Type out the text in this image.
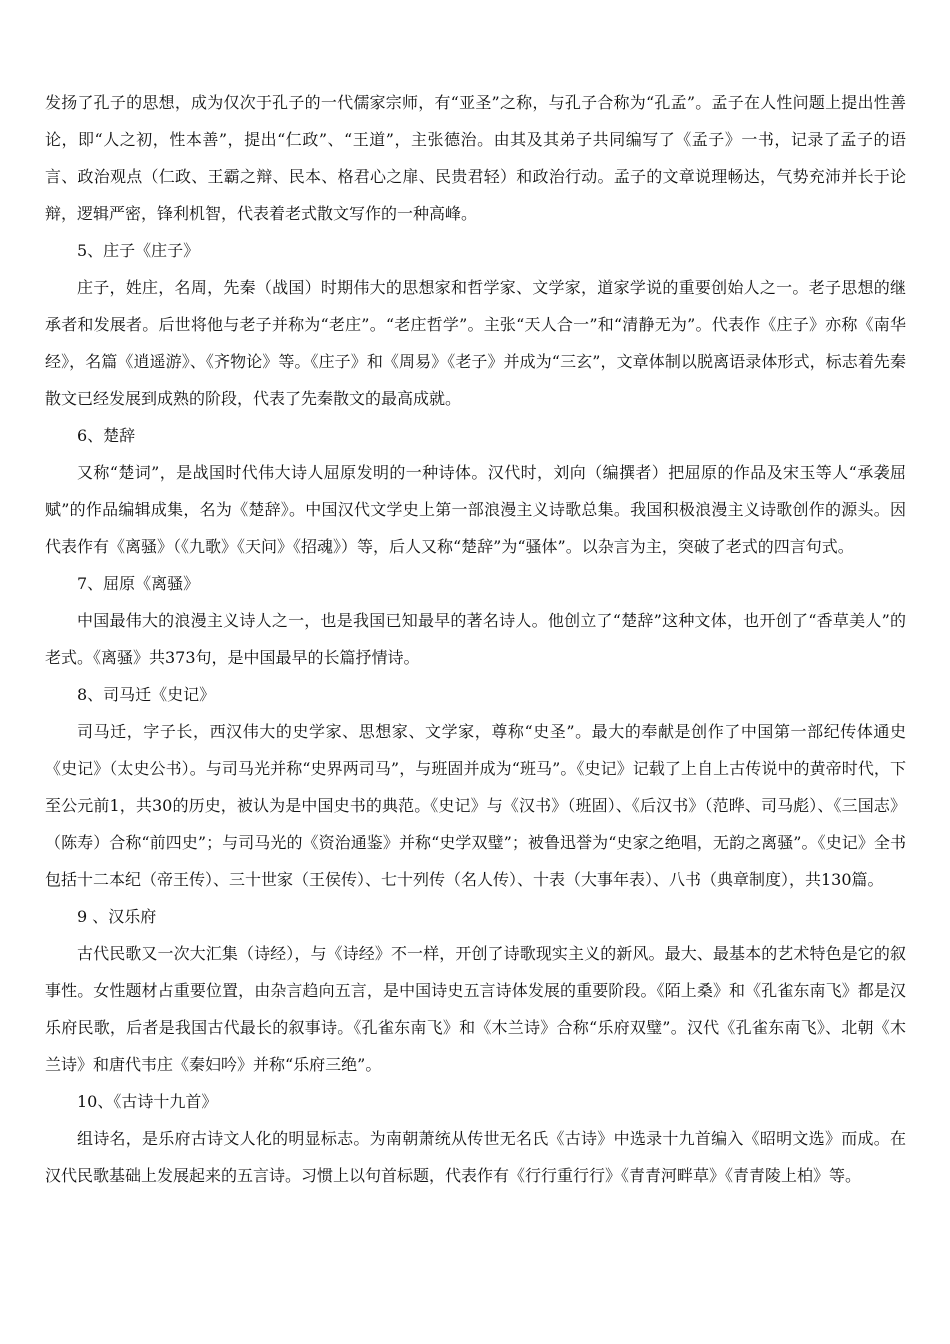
发扬了孔子的思想，成为仅次于孔子的一代儒家宗师，有“亚圣”之称，与孔子合称为“孔孟”。孟子在人性问题上提出性善论，即“人之初，性本善”，提出“仁政”、“王道”，主张德治。由其及其弟子共同编写了《孟子》一书，记录了孟子的语言、政治观点（仁政、王霸之辩、民本、格君心之扉、民贵君轻）和政治行动。孟子的文章说理畅达，气势充沛并长于论辩，逻辑严密，锋利机智，代表着老式散文写作的一种高峰。
5、庄子《庄子》
庄子，姓庄，名周，先秦（战国）时期伟大的思想家和哲学家、文学家，道家学说的重要创始人之一。老子思想的继承者和发展者。后世将他与老子并称为“老庄”。“老庄哲学”。主张“天人合一”和“清静无为”。代表作《庄子》亦称《南华经》，名篇《逍遥游》、《齐物论》等。《庄子》和《周易》《老子》并成为“三玄”，文章体制以脱离语录体形式，标志着先秦散文已经发展到成熟的阶段，代表了先秦散文的最高成就。
6、楚辞
又称“楚词”，是战国时代伟大诗人屈原发明的一种诗体。汉代时，刘向（编撰者）把屈原的作品及宋玉等人“承袭屈赋”的作品编辑成集，名为《楚辞》。中国汉代文学史上第一部浪漫主义诗歌总集。我国积极浪漫主义诗歌创作的源头。因代表作有《离骚》（《九歌》《天问》《招魂》）等，后人又称“楚辞”为“骚体”。以杂言为主，突破了老式的四言句式。
7、屈原《离骚》
中国最伟大的浪漫主义诗人之一，也是我国已知最早的著名诗人。他创立了“楚辞”这种文体，也开创了“香草美人”的老式。《离骚》共373句，是中国最早的长篇抒情诗。
8、司马迁《史记》
司马迁，字子长，西汉伟大的史学家、思想家、文学家，尊称“史圣”。最大的奉献是创作了中国第一部纪传体通史《史记》（太史公书）。与司马光并称“史界两司马”，与班固并成为“班马”。《史记》记载了上自上古传说中的黄帝时代，下至公元前1，共30的历史，被认为是中国史书的典范。《史记》与《汉书》（班固）、《后汉书》（范晔、司马彪）、《三国志》（陈寿）合称“前四史”；与司马光的《资治通鉴》并称“史学双璧”；被鲁迅誉为“史家之绝唱，无韵之离骚”。《史记》全书包括十二本纪（帝王传）、三十世家（王侯传）、七十列传（名人传）、十表（大事年表）、八书（典章制度），共130篇。
9 、汉乐府
古代民歌又一次大汇集（诗经），与《诗经》不一样，开创了诗歌现实主义的新风。最大、最基本的艺术特色是它的叙事性。女性题材占重要位置，由杂言趋向五言，是中国诗史五言诗体发展的重要阶段。《陌上桑》和《孔雀东南飞》都是汉乐府民歌，后者是我国古代最长的叙事诗。《孔雀东南飞》和《木兰诗》合称“乐府双璧”。汉代《孔雀东南飞》、北朝《木兰诗》和唐代韦庄《秦妇吟》并称“乐府三绝”。
10、《古诗十九首》
组诗名，是乐府古诗文人化的明显标志。为南朝萧统从传世无名氏《古诗》中选录十九首编入《昭明文选》而成。在汉代民歌基础上发展起来的五言诗。习惯上以句首标题，代表作有《行行重行行》《青青河畔草》《青青陵上柏》等。
